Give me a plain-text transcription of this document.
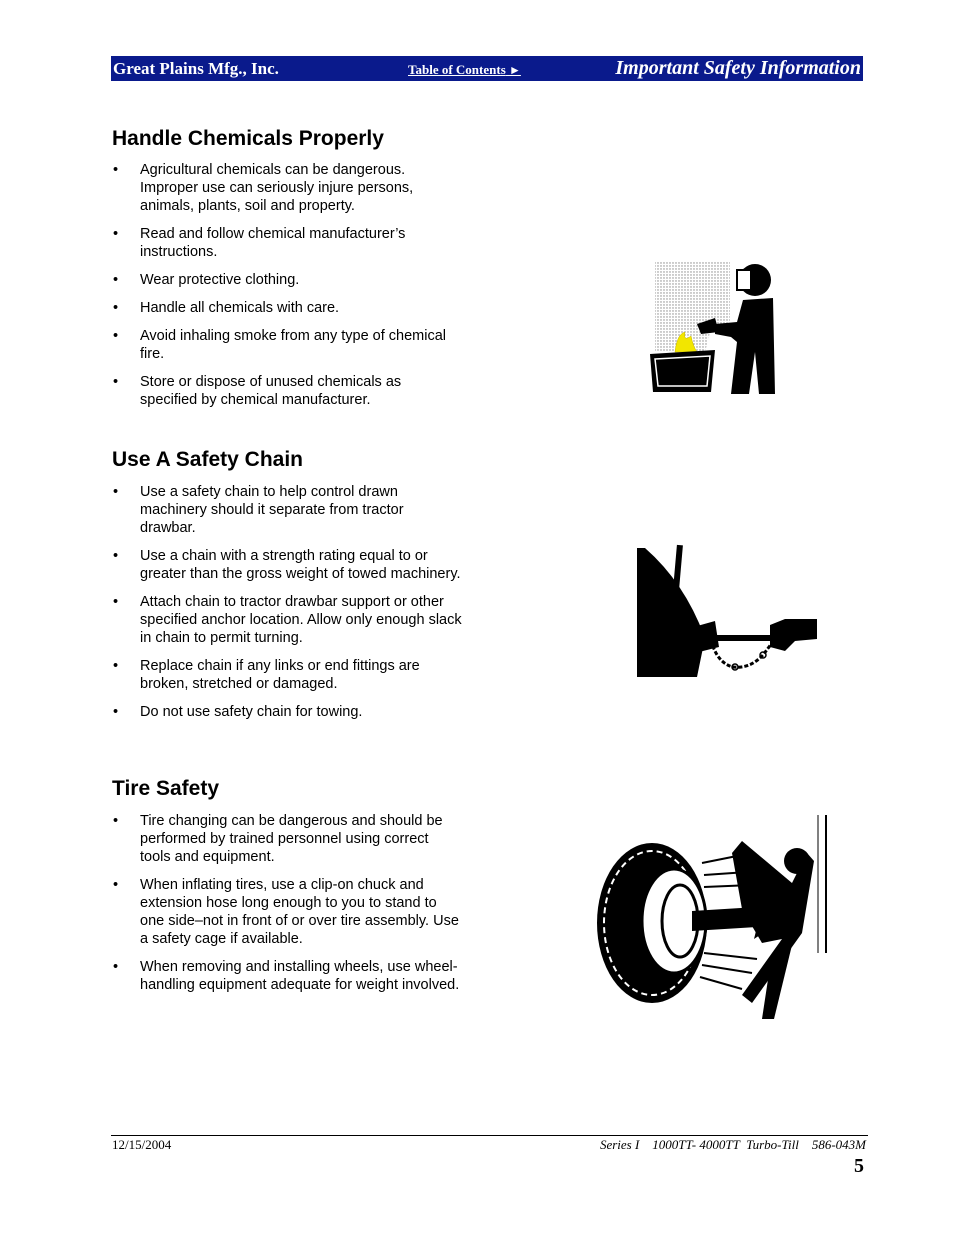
Great Plains Mfg., Inc.	Table of Contents ►	Important Safety Information
Handle Chemicals Properly
• Agricultural chemicals can be dangerous. Improper use can seriously injure persons, animals, plants, soil and property.
• Read and follow chemical manufacturer’s instructions.
• Wear protective clothing.
• Handle all chemicals with care.
• Avoid inhaling smoke from any type of chemical fire.
• Store or dispose of unused chemicals as specified by chemical manufacturer.
Use A Safety Chain
• Use a safety chain to help control drawn machinery should it separate from tractor drawbar.
• Use a chain with a strength rating equal to or greater than the gross weight of towed machinery.
• Attach chain to tractor drawbar support or other specified anchor location. Allow only enough slack in chain to permit turning.
• Replace chain if any links or end fittings are broken, stretched or damaged.
• Do not use safety chain for towing.
Tire Safety
• Tire changing can be dangerous and should be performed by trained personnel using correct tools and equipment.
• When inflating tires, use a clip-on chuck and extension hose long enough to you to stand to one side–not in front of or over tire assembly. Use a safety cage if available.
• When removing and installing wheels, use wheel-handling equipment adequate for weight involved.
12/15/2004	Series I    1000TT- 4000TT  Turbo-Till    586-043M
5
